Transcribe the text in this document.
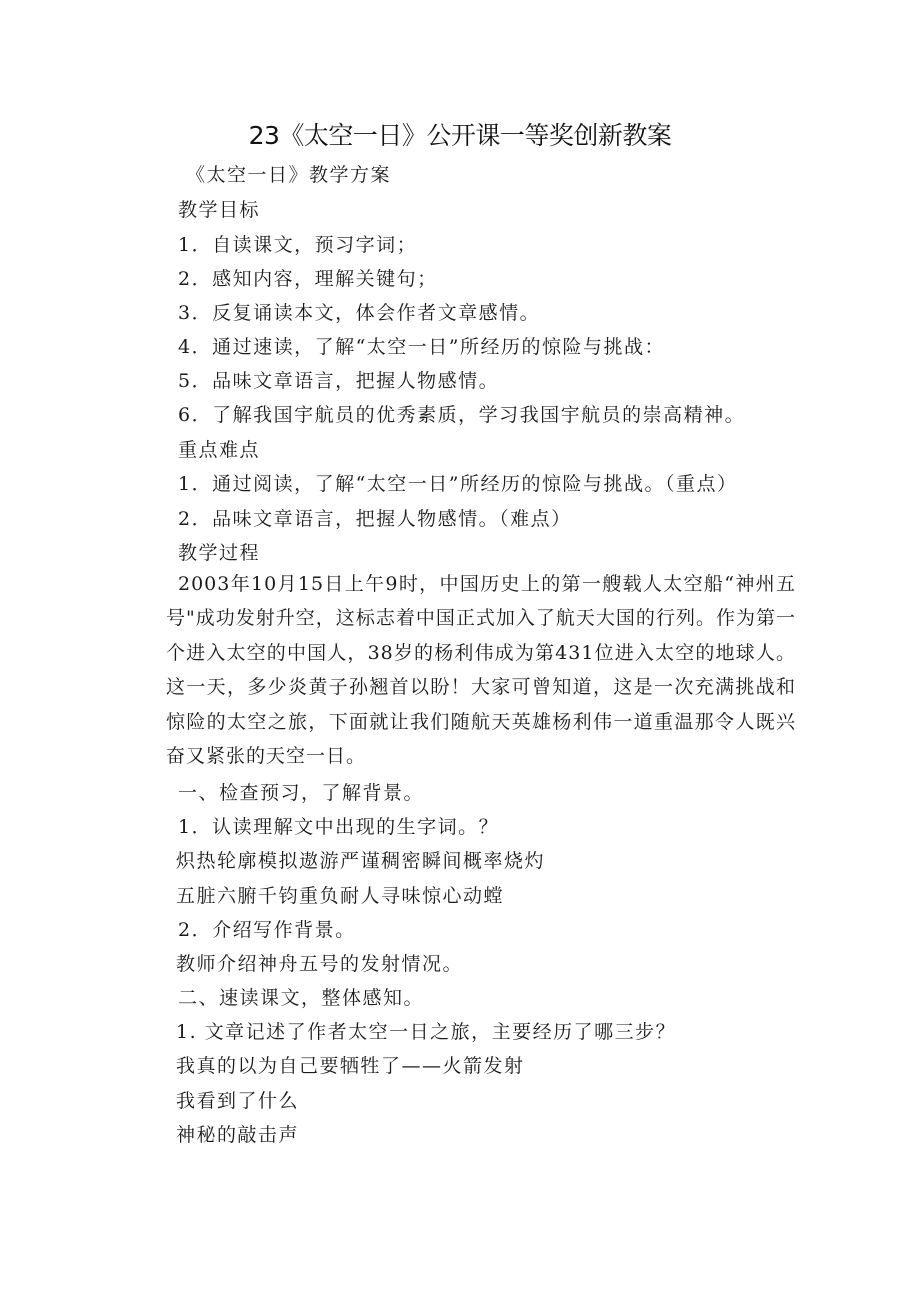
23《太空一日》公开课一等奖创新教案
《太空一日》教学方案
教学目标
1．自读课文，预习字词；
2．感知内容，理解关键句；
3．反复诵读本文，体会作者文章感情。
4．通过速读，了解“太空一日”所经历的惊险与挑战：
5．品味文章语言，把握人物感情。
6．了解我国宇航员的优秀素质，学习我国宇航员的崇高精神。
重点难点
1．通过阅读，了解“太空一日”所经历的惊险与挑战。（重点）
2．品味文章语言，把握人物感情。（难点）
教学过程
2003年10月15日上午9时，中国历史上的第一艘载人太空船“神州五号"成功发射升空，这标志着中国正式加入了航天大国的行列。作为第一个进入太空的中国人，38岁的杨利伟成为第431位进入太空的地球人。这一天，多少炎黄子孙翘首以盼！大家可曾知道，这是一次充满挑战和惊险的太空之旅，下面就让我们随航天英雄杨利伟一道重温那令人既兴奋又紧张的天空一日。
一、检查预习，了解背景。
1．认读理解文中出现的生字词。？
炽热轮廓模拟遨游严谨稠密瞬间概率烧灼
五脏六腑千钧重负耐人寻味惊心动螳
2．介绍写作背景。
教师介绍神舟五号的发射情况。
二、速读课文，整体感知。
1. 文章记述了作者太空一日之旅，主要经历了哪三步？
我真的以为自己要牺牲了——火箭发射
我看到了什么
神秘的敲击声
